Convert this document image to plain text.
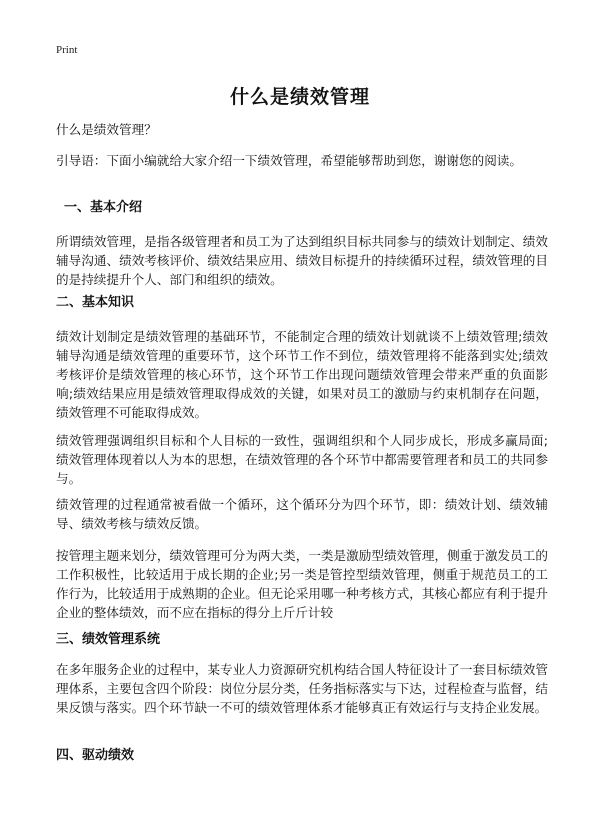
Print
什么是绩效管理

什么是绩效管理？

引导语：下面小编就给大家介绍一下绩效管理，希望能够帮助到您，谢谢您的阅读。

一、基本介绍

所谓绩效管理，是指各级管理者和员工为了达到组织目标共同参与的绩效计划制定、绩效辅导沟通、绩效考核评价、绩效结果应用、绩效目标提升的持续循环过程，绩效管理的目的是持续提升个人、部门和组织的绩效。

二、基本知识

绩效计划制定是绩效管理的基础环节，不能制定合理的绩效计划就谈不上绩效管理;绩效辅导沟通是绩效管理的重要环节，这个环节工作不到位，绩效管理将不能落到实处;绩效考核评价是绩效管理的核心环节，这个环节工作出现问题绩效管理会带来严重的负面影响;绩效结果应用是绩效管理取得成效的关键，如果对员工的激励与约束机制存在问题，绩效管理不可能取得成效。

绩效管理强调组织目标和个人目标的一致性，强调组织和个人同步成长，形成多赢局面;绩效管理体现着以人为本的思想，在绩效管理的各个环节中都需要管理者和员工的共同参与。

绩效管理的过程通常被看做一个循环，这个循环分为四个环节，即：绩效计划、绩效辅导、绩效考核与绩效反馈。

按管理主题来划分，绩效管理可分为两大类，一类是激励型绩效管理，侧重于激发员工的工作积极性，比较适用于成长期的企业;另一类是管控型绩效管理，侧重于规范员工的工作行为，比较适用于成熟期的企业。但无论采用哪一种考核方式，其核心都应有利于提升企业的整体绩效，而不应在指标的得分上斤斤计较

三、绩效管理系统

在多年服务企业的过程中，某专业人力资源研究机构结合国人特征设计了一套目标绩效管理体系，主要包含四个阶段：岗位分层分类，任务指标落实与下达，过程检查与监督，结果反馈与落实。四个环节缺一不可的绩效管理体系才能够真正有效运行与支持企业发展。

四、驱动绩效
